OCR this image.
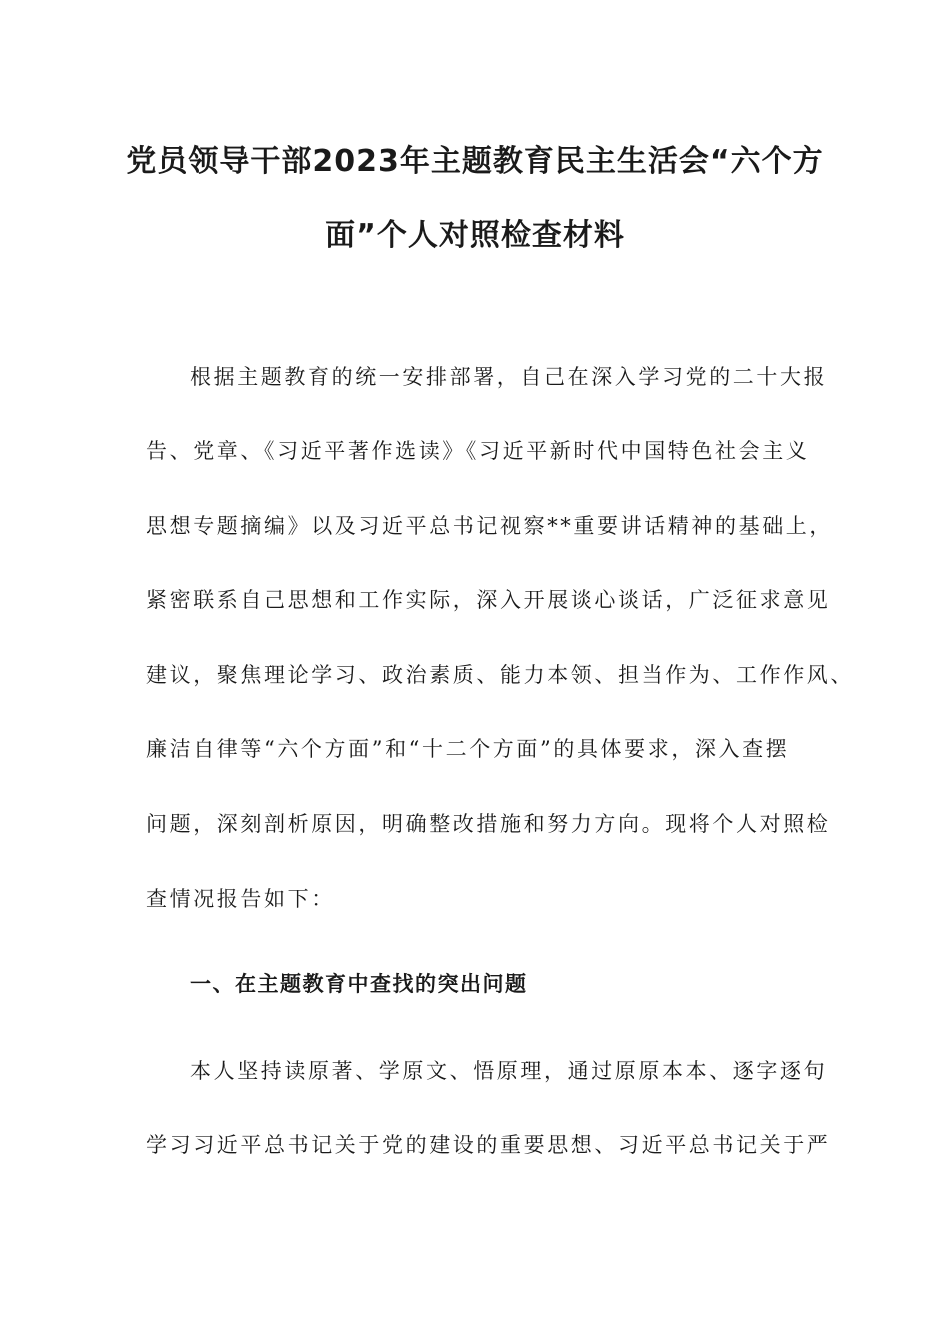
党员领导干部2023年主题教育民主生活会“六个方
面”个人对照检查材料
根据主题教育的统一安排部署，自己在深入学习党的二十大报
告、党章、《习近平著作选读》《习近平新时代中国特色社会主义
思想专题摘编》以及习近平总书记视察**重要讲话精神的基础上，
紧密联系自己思想和工作实际，深入开展谈心谈话，广泛征求意见
建议，聚焦理论学习、政治素质、能力本领、担当作为、工作作风、
廉洁自律等“六个方面”和“十二个方面”的具体要求，深入查摆
问题，深刻剖析原因，明确整改措施和努力方向。现将个人对照检
查情况报告如下：
一、在主题教育中查找的突出问题
本人坚持读原著、学原文、悟原理，通过原原本本、逐字逐句
学习习近平总书记关于党的建设的重要思想、习近平总书记关于严
